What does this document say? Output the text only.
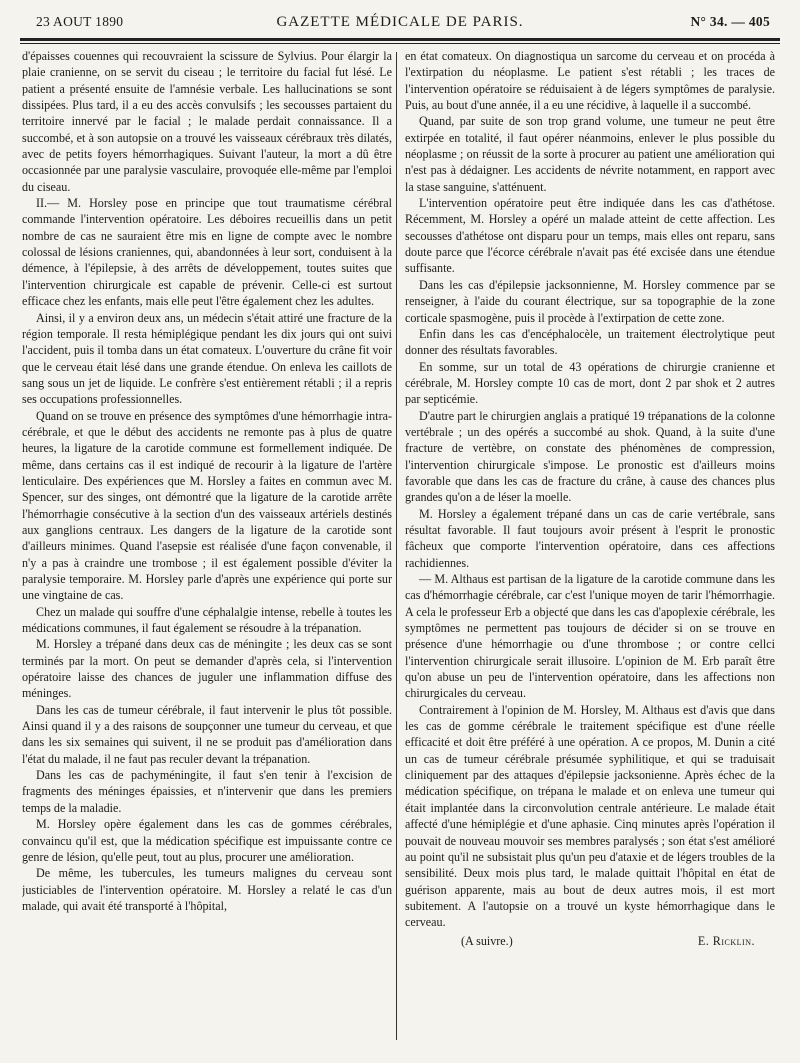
23 AOUT 1890	GAZETTE MÉDICALE DE PARIS.	N° 34. — 405

d'épaisses couennes qui recouvraient la scissure de Sylvius. Pour élargir la plaie cranienne, on se servit du ciseau ; le territoire du facial fut lésé. Le patient a présenté ensuite de l'amnésie verbale. Les hallucinations se sont dissipées. Plus tard, il a eu des accès convulsifs ; les secousses partaient du territoire innervé par le facial ; le malade perdait connaissance. Il a succombé, et à son autopsie on a trouvé les vaisseaux cérébraux très dilatés, avec de petits foyers hémorrhagiques. Suivant l'auteur, la mort a dû être occasionnée par une paralysie vasculaire, provoquée elle-même par l'emploi du ciseau.

II.— M. Horsley pose en principe que tout traumatisme cérébral commande l'intervention opératoire. Les déboires recueillis dans un petit nombre de cas ne sauraient être mis en ligne de compte avec le nombre colossal de lésions craniennes, qui, abandonnées à leur sort, conduisent à la démence, à l'épilepsie, à des arrêts de développement, toutes suites que l'intervention chirurgicale est capable de prévenir. Celle-ci est surtout efficace chez les enfants, mais elle peut l'être également chez les adultes.

Ainsi, il y a environ deux ans, un médecin s'était attiré une fracture de la région temporale. Il resta hémiplégique pendant les dix jours qui ont suivi l'accident, puis il tomba dans un état comateux. L'ouverture du crâne fit voir que le cerveau était lésé dans une grande étendue. On enleva les caillots de sang sous un jet de liquide. Le confrère s'est entièrement rétabli ; il a repris ses occupations professionnelles.

Quand on se trouve en présence des symptômes d'une hémorrhagie intra-cérébrale, et que le début des accidents ne remonte pas à plus de quatre heures, la ligature de la carotide commune est formellement indiquée. De même, dans certains cas il est indiqué de recourir à la ligature de l'artère lenticulaire. Des expériences que M. Horsley a faites en commun avec M. Spencer, sur des singes, ont démontré que la ligature de la carotide arrête l'hémorrhagie consécutive à la section d'un des vaisseaux artériels destinés aux ganglions centraux. Les dangers de la ligature de la carotide sont d'ailleurs minimes. Quand l'asepsie est réalisée d'une façon convenable, il n'y a pas à craindre une trombose ; il est également possible d'éviter la paralysie temporaire. M. Horsley parle d'après une expérience qui porte sur une vingtaine de cas.

Chez un malade qui souffre d'une céphalalgie intense, rebelle à toutes les médications communes, il faut également se résoudre à la trépanation.

M. Horsley a trépané dans deux cas de méningite ; les deux cas se sont terminés par la mort. On peut se demander d'après cela, si l'intervention opératoire laisse des chances de juguler une inflammation diffuse des méninges.

Dans les cas de tumeur cérébrale, il faut intervenir le plus tôt possible. Ainsi quand il y a des raisons de soupçonner une tumeur du cerveau, et que dans les six semaines qui suivent, il ne se produit pas d'amélioration dans l'état du malade, il ne faut pas reculer devant la trépanation.

Dans les cas de pachyméningite, il faut s'en tenir à l'excision de fragments des méninges épaissies, et n'intervenir que dans les premiers temps de la maladie.

M. Horsley opère également dans les cas de gommes cérébrales, convaincu qu'il est, que la médication spécifique est impuissante contre ce genre de lésion, qu'elle peut, tout au plus, procurer une amélioration.

De même, les tubercules, les tumeurs malignes du cerveau sont justiciables de l'intervention opératoire. M. Horsley a relaté le cas d'un malade, qui avait été transporté à l'hôpital,

en état comateux. On diagnostiqua un sarcome du cerveau et on procéda à l'extirpation du néoplasme. Le patient s'est rétabli ; les traces de l'intervention opératoire se réduisaient à de légers symptômes de paralysie. Puis, au bout d'une année, il a eu une récidive, à laquelle il a succombé.

Quand, par suite de son trop grand volume, une tumeur ne peut être extirpée en totalité, il faut opérer néanmoins, enlever le plus possible du néoplasme ; on réussit de la sorte à procurer au patient une amélioration qui n'est pas à dédaigner. Les accidents de névrite notamment, en rapport avec la stase sanguine, s'atténuent.

L'intervention opératoire peut être indiquée dans les cas d'athétose. Récemment, M. Horsley a opéré un malade atteint de cette affection. Les secousses d'athétose ont disparu pour un temps, mais elles ont reparu, sans doute parce que l'écorce cérébrale n'avait pas été excisée dans une étendue suffisante.

Dans les cas d'épilepsie jacksonnienne, M. Horsley commence par se renseigner, à l'aide du courant électrique, sur sa topographie de la zone corticale spasmogène, puis il procède à l'extirpation de cette zone.

Enfin dans les cas d'encéphalocèle, un traitement électrolytique peut donner des résultats favorables.

En somme, sur un total de 43 opérations de chirurgie cranienne et cérébrale, M. Horsley compte 10 cas de mort, dont 2 par shok et 2 autres par septicémie.

D'autre part le chirurgien anglais a pratiqué 19 trépanations de la colonne vertébrale ; un des opérés a succombé au shok. Quand, à la suite d'une fracture de vertèbre, on constate des phénomènes de compression, l'intervention chirurgicale s'impose. Le pronostic est d'ailleurs moins favorable que dans les cas de fracture du crâne, à cause des chances plus grandes qu'on a de léser la moelle.

M. Horsley a également trépané dans un cas de carie vertébrale, sans résultat favorable. Il faut toujours avoir présent à l'esprit le pronostic fâcheux que comporte l'intervention opératoire, dans ces affections rachidiennes.

— M. Althaus est partisan de la ligature de la carotide commune dans les cas d'hémorrhagie cérébrale, car c'est l'unique moyen de tarir l'hémorrhagie. A cela le professeur Erb a objecté que dans les cas d'apoplexie cérébrale, les symptômes ne permettent pas toujours de décider si on se trouve en présence d'une hémorrhagie ou d'une thrombose ; or contre cellci l'intervention chirurgicale serait illusoire. L'opinion de M. Erb paraît être qu'on abuse un peu de l'intervention opératoire, dans les affections non chirurgicales du cerveau.

Contrairement à l'opinion de M. Horsley, M. Althaus est d'avis que dans les cas de gomme cérébrale le traitement spécifique est d'une réelle efficacité et doit être préféré à une opération. A ce propos, M. Dunin a cité un cas de tumeur cérébrale présumée syphilitique, et qui se traduisait cliniquement par des attaques d'épilepsie jacksonienne. Après échec de la médication spécifique, on trépana le malade et on enleva une tumeur qui était implantée dans la circonvolution centrale antérieure. Le malade était affecté d'une hémiplégie et d'une aphasie. Cinq minutes après l'opération il pouvait de nouveau mouvoir ses membres paralysés ; son état s'est amélioré au point qu'il ne subsistait plus qu'un peu d'ataxie et de légers troubles de la sensibilité. Deux mois plus tard, le malade quittait l'hôpital en état de guérison apparente, mais au bout de deux autres mois, il est mort subitement. A l'autopsie on a trouvé un kyste hémorrhagique dans le cerveau.

(A suivre.)	E. Ricklin.
